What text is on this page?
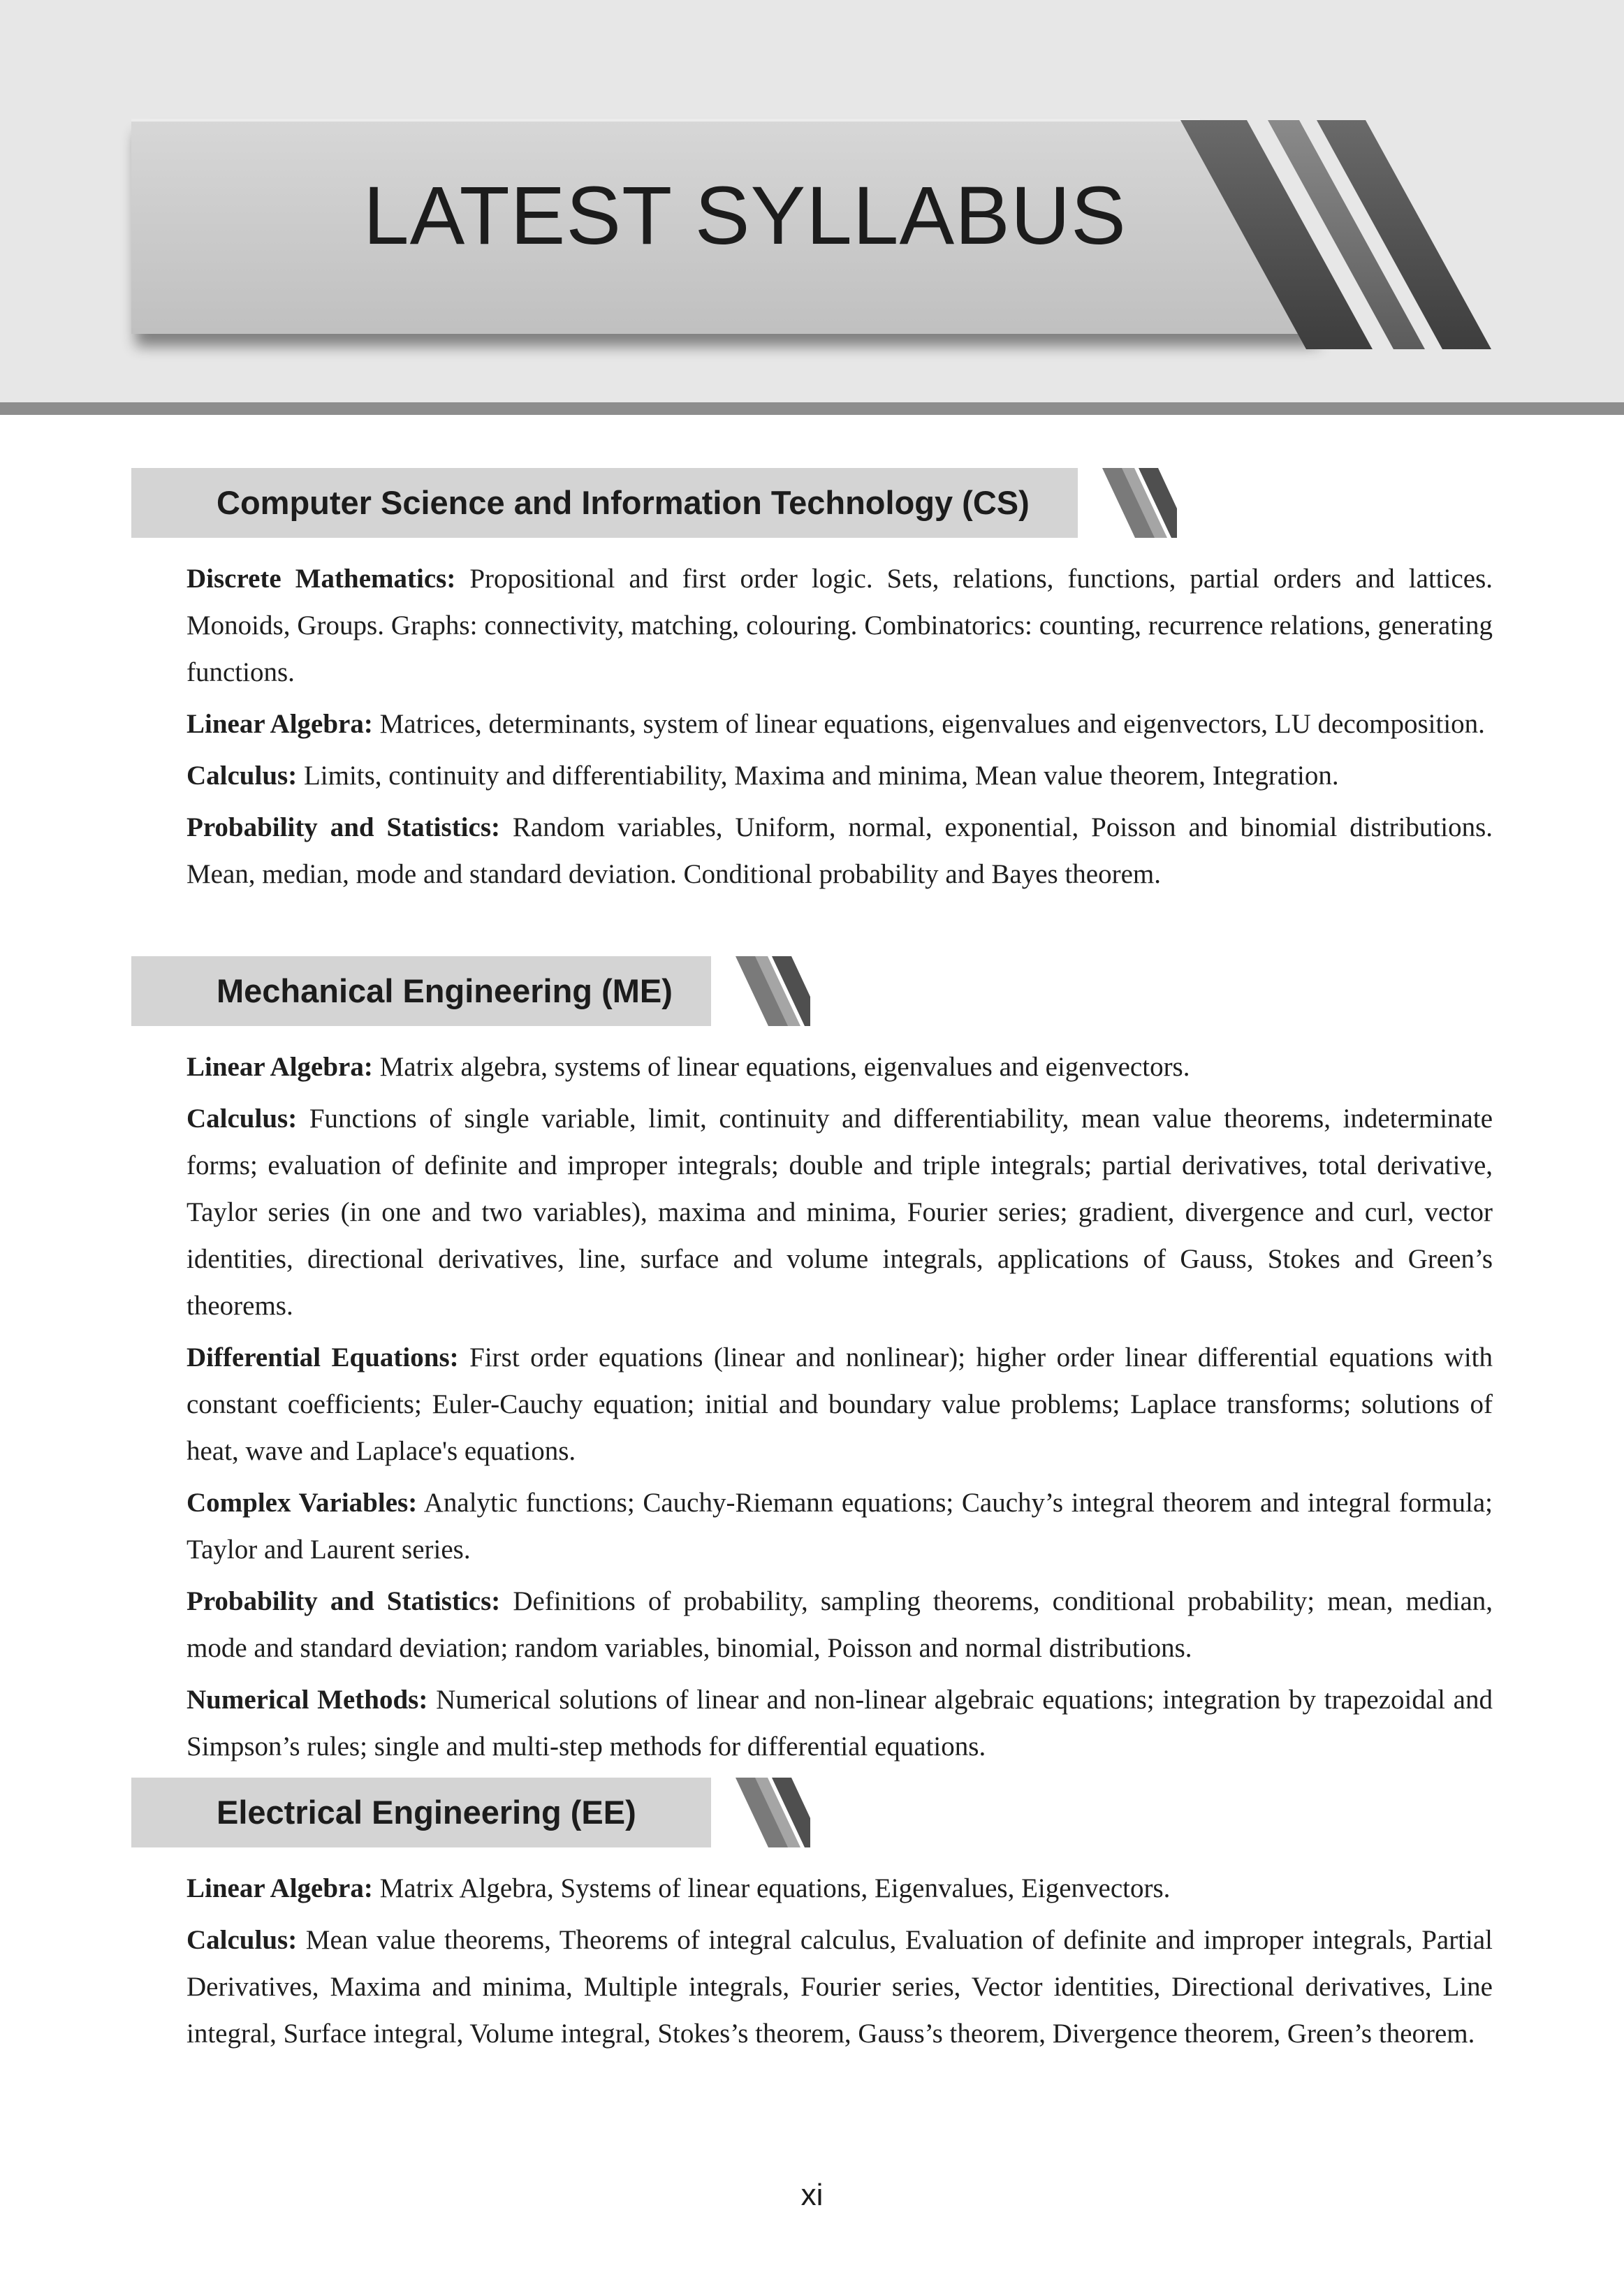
LATEST SYLLABUS
Computer Science and Information Technology (CS)

Discrete Mathematics: Propositional and first order logic. Sets, relations, functions, partial orders and lattices. Monoids, Groups. Graphs: connectivity, matching, colouring. Combinatorics: counting, recurrence relations, generating functions.

Linear Algebra: Matrices, determinants, system of linear equations, eigenvalues and eigenvectors, LU decomposition.

Calculus: Limits, continuity and differentiability, Maxima and minima, Mean value theorem, Integration.

Probability and Statistics: Random variables, Uniform, normal, exponential, Poisson and binomial distributions. Mean, median, mode and standard deviation. Conditional probability and Bayes theorem.

Mechanical Engineering (ME)

Linear Algebra: Matrix algebra, systems of linear equations, eigenvalues and eigenvectors.

Calculus: Functions of single variable, limit, continuity and differentiability, mean value theorems, indeterminate forms; evaluation of definite and improper integrals; double and triple integrals; partial derivatives, total derivative, Taylor series (in one and two variables), maxima and minima, Fourier series; gradient, divergence and curl, vector identities, directional derivatives, line, surface and volume integrals, applications of Gauss, Stokes and Green’s theorems.

Differential Equations: First order equations (linear and nonlinear); higher order linear differential equations with constant coefficients; Euler-Cauchy equation; initial and boundary value problems; Laplace transforms; solutions of heat, wave and Laplace's equations.

Complex Variables: Analytic functions; Cauchy-Riemann equations; Cauchy’s integral theorem and integral formula; Taylor and Laurent series.

Probability and Statistics: Definitions of probability, sampling theorems, conditional probability; mean, median, mode and standard deviation; random variables, binomial, Poisson and normal distributions.

Numerical Methods: Numerical solutions of linear and non-linear algebraic equations; integration by trapezoidal and Simpson’s rules; single and multi-step methods for differential equations.

Electrical Engineering (EE)

Linear Algebra: Matrix Algebra, Systems of linear equations, Eigenvalues, Eigenvectors.

Calculus: Mean value theorems, Theorems of integral calculus, Evaluation of definite and improper integrals, Partial Derivatives, Maxima and minima, Multiple integrals, Fourier series, Vector identities, Directional derivatives, Line integral, Surface integral, Volume integral, Stokes’s theorem, Gauss’s theorem, Divergence theorem, Green’s theorem.

xi
